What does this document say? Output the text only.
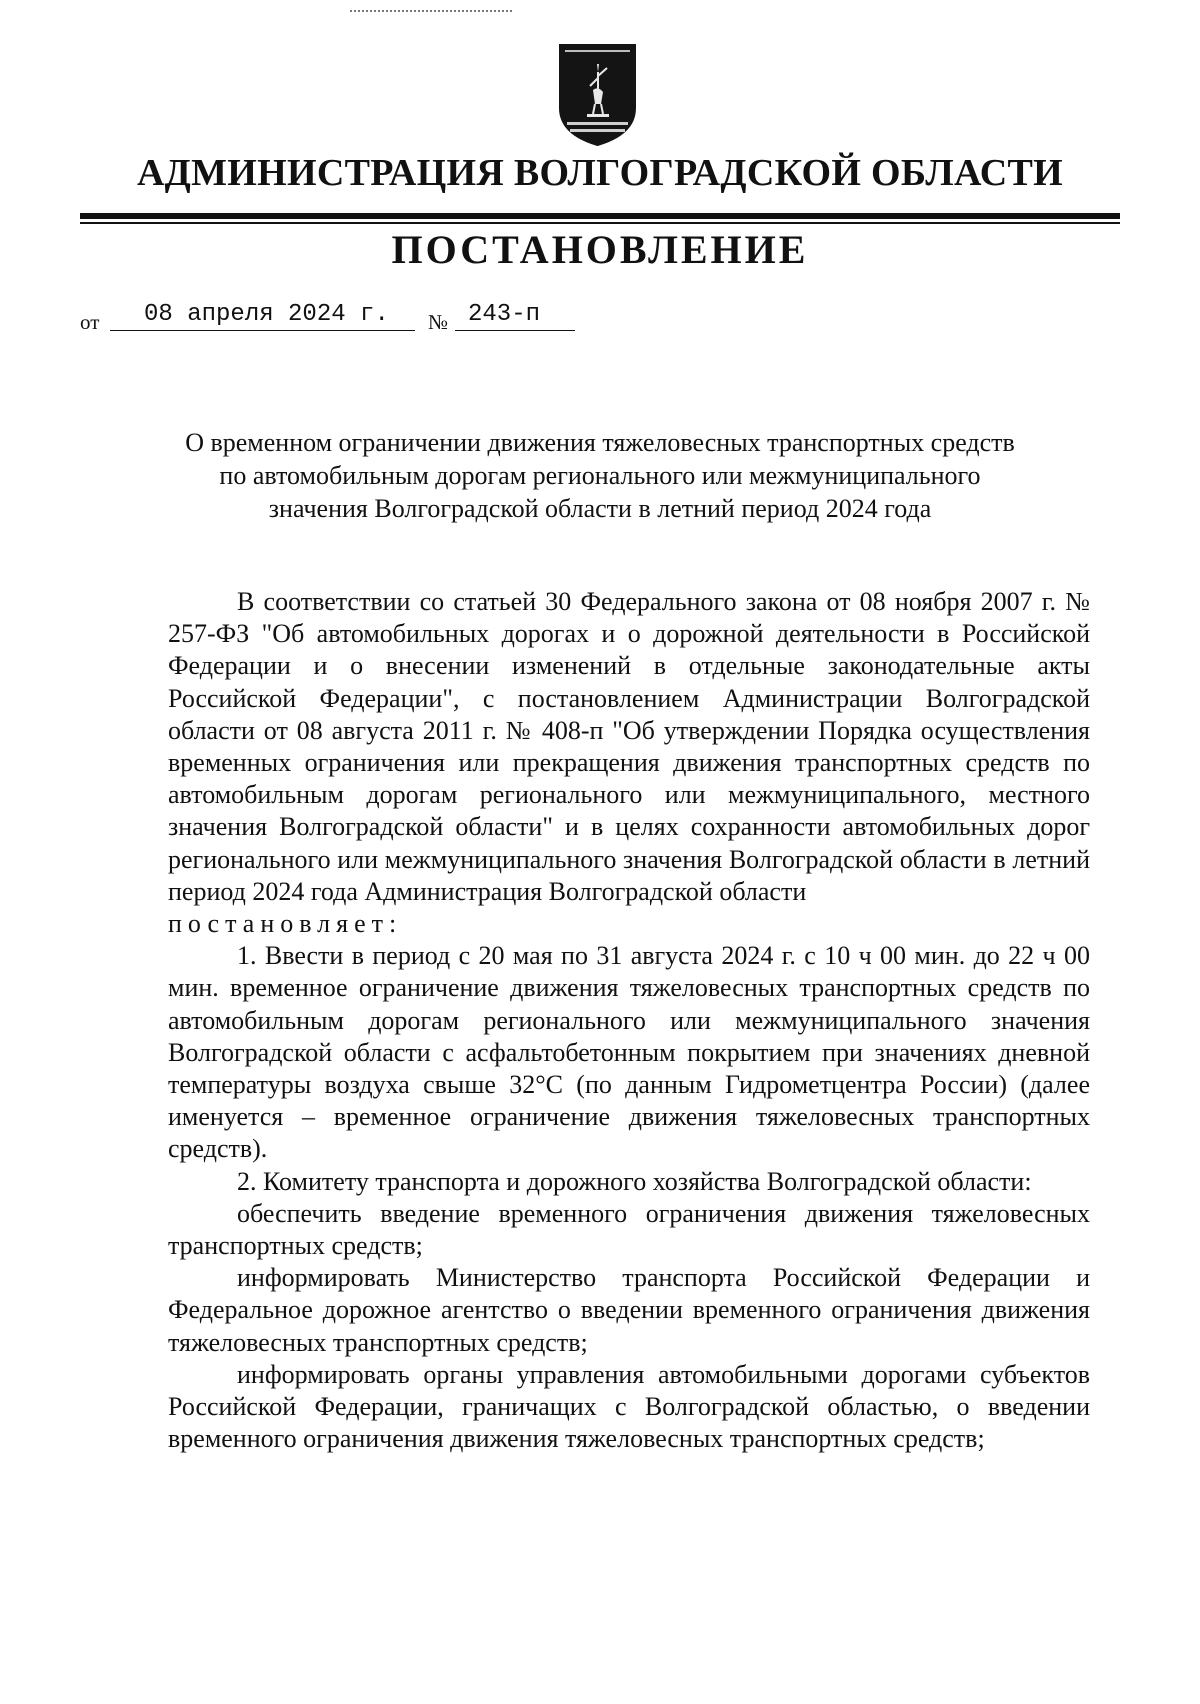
АДМИНИСТРАЦИЯ ВОЛГОГРАДСКОЙ ОБЛАСТИ
ПОСТАНОВЛЕНИЕ
от 08 апреля 2024 г. № 243-п
О временном ограничении движения тяжеловесных транспортных средств
по автомобильным дорогам регионального или межмуниципального
значения Волгоградской области в летний период 2024 года

В соответствии со статьей 30 Федерального закона от 08 ноября 2007 г. № 257-ФЗ "Об автомобильных дорогах и о дорожной деятельности в Российской Федерации и о внесении изменений в отдельные законодательные акты Российской Федерации", с постановлением Администрации Волгоградской области от 08 августа 2011 г. № 408-п "Об утверждении Порядка осуществления временных ограничения или прекращения движения транспортных средств по автомобильным дорогам регионального или межмуниципального, местного значения Волгоградской области" и в целях сохранности автомобильных дорог регионального или межмуниципального значения Волгоградской области в летний период 2024 года Администрация Волгоградской области

постановляет:

1. Ввести в период с 20 мая по 31 августа 2024 г. с 10 ч 00 мин. до 22 ч 00 мин. временное ограничение движения тяжеловесных транспортных средств по автомобильным дорогам регионального или межмуниципального значения Волгоградской области с асфальтобетонным покрытием при значениях дневной температуры воздуха свыше 32°С (по данным Гидрометцентра России) (далее именуется – временное ограничение движения тяжеловесных транспортных средств).

2. Комитету транспорта и дорожного хозяйства Волгоградской области:

обеспечить введение временного ограничения движения тяжеловесных транспортных средств;

информировать Министерство транспорта Российской Федерации и Федеральное дорожное агентство о введении временного ограничения движения тяжеловесных транспортных средств;

информировать органы управления автомобильными дорогами субъектов Российской Федерации, граничащих с Волгоградской областью, о введении временного ограничения движения тяжеловесных транспортных средств;
